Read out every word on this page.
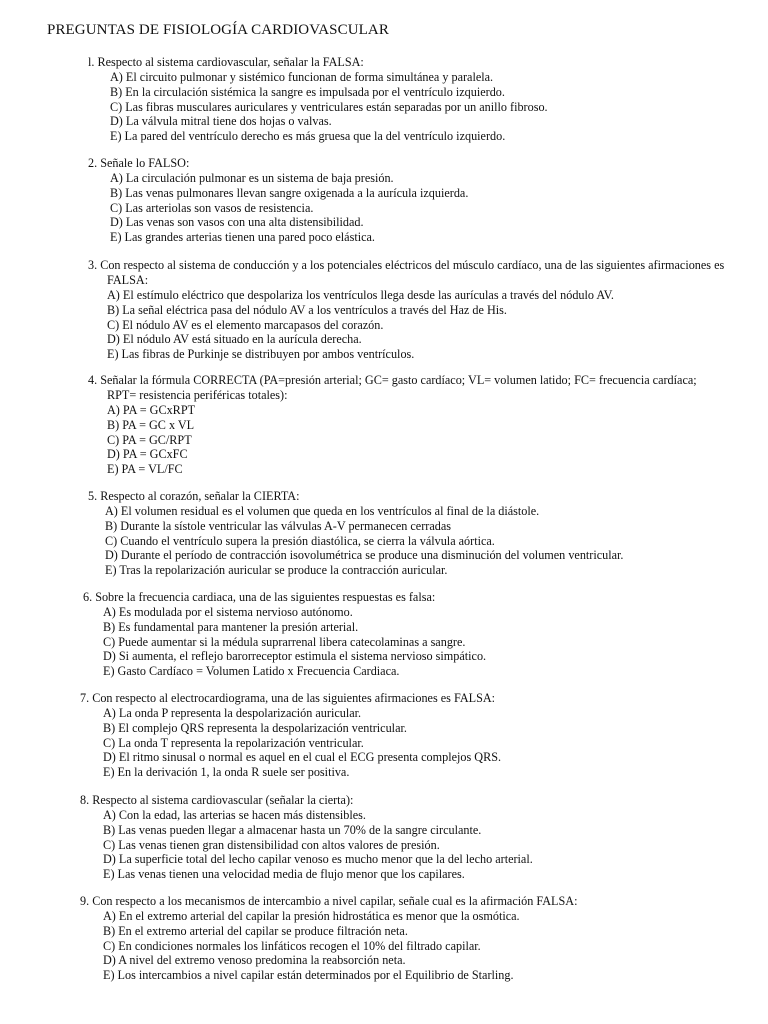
PREGUNTAS DE FISIOLOGÍA CARDIOVASCULAR
l. Respecto al sistema cardiovascular, señalar la FALSA:
A) El circuito pulmonar y sistémico funcionan de forma simultánea y paralela.
B) En la circulación sistémica la sangre es impulsada por el ventrículo izquierdo.
C) Las fibras musculares auriculares y ventriculares están separadas por un anillo fibroso.
D) La válvula mitral tiene dos hojas o valvas.
E) La pared del ventrículo derecho es más gruesa que la del ventrículo izquierdo.
2. Señale lo FALSO:
A) La circulación pulmonar es un sistema de baja presión.
B) Las venas pulmonares llevan sangre oxigenada a la aurícula izquierda.
C) Las arteriolas son vasos de resistencia.
D) Las venas son vasos con una alta distensibilidad.
E) Las grandes arterias tienen una pared poco elástica.
3. Con respecto al sistema de conducción y a los potenciales eléctricos del músculo cardíaco, una de las siguientes afirmaciones es
FALSA:
A) El estímulo eléctrico que despolariza los ventrículos llega desde las aurículas a través del nódulo AV.
B) La señal eléctrica pasa del nódulo AV a los ventrículos a través del Haz de His.
C) El nódulo AV es el elemento marcapasos del corazón.
D) El nódulo AV está situado en la aurícula derecha.
E) Las fibras de Purkinje se distribuyen por ambos ventrículos.
4. Señalar la fórmula CORRECTA (PA=presión arterial; GC= gasto cardíaco; VL= volumen latido; FC= frecuencia cardíaca;
RPT= resistencia periféricas totales):
A) PA = GCxRPT
B) PA = GC x VL
C) PA = GC/RPT
D) PA = GCxFC
E) PA = VL/FC
5. Respecto al corazón, señalar la CIERTA:
A) El volumen residual es el volumen que queda en los ventrículos al final de la diástole.
B) Durante la sístole ventricular las válvulas A-V permanecen cerradas
C) Cuando el ventrículo supera la presión diastólica, se cierra la válvula aórtica.
D) Durante el período de contracción isovolumétrica se produce una disminución del volumen ventricular.
E) Tras la repolarización auricular se produce la contracción auricular.
6. Sobre la frecuencia cardiaca, una de las siguientes respuestas es falsa:
A) Es modulada por el sistema nervioso autónomo.
B) Es fundamental para mantener la presión arterial.
C) Puede aumentar si la médula suprarrenal libera catecolaminas a sangre.
D) Si aumenta, el reflejo barorreceptor estimula el sistema nervioso simpático.
E) Gasto Cardíaco = Volumen Latido x Frecuencia Cardiaca.
7. Con respecto al electrocardiograma, una de las siguientes afirmaciones es FALSA:
A) La onda P representa la despolarización auricular.
B) El complejo QRS representa la despolarización ventricular.
C) La onda T representa la repolarización ventricular.
D) El ritmo sinusal o normal es aquel en el cual el ECG presenta complejos QRS.
E) En la derivación 1, la onda R suele ser positiva.
8. Respecto al sistema cardiovascular (señalar la cierta):
A) Con la edad, las arterias se hacen más distensibles.
B) Las venas pueden llegar a almacenar hasta un 70% de la sangre circulante.
C) Las venas tienen gran distensibilidad con altos valores de presión.
D) La superficie total del lecho capilar venoso es mucho menor que la del lecho arterial.
E) Las venas tienen una velocidad media de flujo menor que los capilares.
9. Con respecto a los mecanismos de intercambio a nivel capilar, señale cual es la afirmación FALSA:
A) En el extremo arterial del capilar la presión hidrostática es menor que la osmótica.
B) En el extremo arterial del capilar se produce filtración neta.
C) En condiciones normales los linfáticos recogen el 10% del filtrado capilar.
D) A nivel del extremo venoso predomina la reabsorción neta.
E) Los intercambios a nivel capilar están determinados por el Equilibrio de Starling.
